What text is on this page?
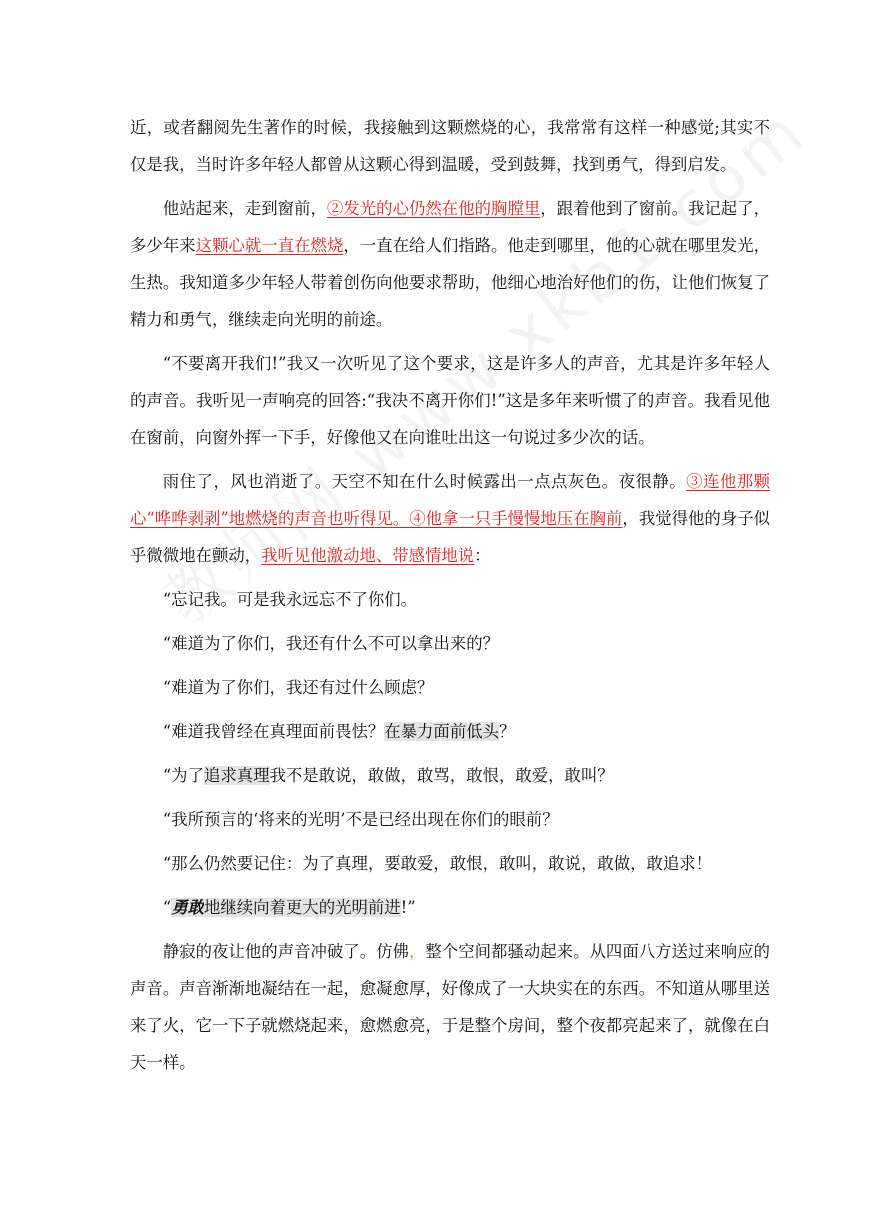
近，或者翻阅先生著作的时候，我接触到这颗燃烧的心，我常常有这样一种感觉;其实不仅是我，当时许多年轻人都曾从这颗心得到温暖，受到鼓舞，找到勇气，得到启发。

他站起来，走到窗前，②发光的心仍然在他的胸膛里，跟着他到了窗前。我记起了，多少年来这颗心就一直在燃烧，一直在给人们指路。他走到哪里，他的心就在哪里发光，生热。我知道多少年轻人带着创伤向他要求帮助，他细心地治好他们的伤，让他们恢复了精力和勇气，继续走向光明的前途。

“不要离开我们!”我又一次听见了这个要求，这是许多人的声音，尤其是许多年轻人的声音。我听见一声响亮的回答:“我决不离开你们!”这是多年来听惯了的声音。我看见他在窗前，向窗外挥一下手，好像他又在向谁吐出这一句说过多少次的话。

雨住了，风也消逝了。天空不知在什么时候露出一点点灰色。夜很静。③连他那颗心“哗哗剥剥”地燃烧的声音也听得见。④他拿一只手慢慢地压在胸前，我觉得他的身子似乎微微地在颤动，我听见他激动地、带感情地说：

“忘记我。可是我永远忘不了你们。

“难道为了你们，我还有什么不可以拿出来的？

“难道为了你们，我还有过什么顾虑？

“难道我曾经在真理面前畏怯？在暴力面前低头？

“为了追求真理我不是敢说，敢做，敢骂，敢恨，敢爱，敢叫？

“我所预言的‘将来的光明’不是已经出现在你们的眼前？

“那么仍然要记住：为了真理，要敢爱，敢恨，敢叫，敢说，敢做，敢追求！

“勇敢地继续向着更大的光明前进!”

静寂的夜让他的声音冲破了。仿佛，整个空间都骚动起来。从四面八方送过来响应的声音。声音渐渐地凝结在一起，愈凝愈厚，好像成了一大块实在的东西。不知道从哪里送来了火，它一下子就燃烧起来，愈燃愈亮，于是整个房间，整个夜都亮起来了，就像在白天一样。
